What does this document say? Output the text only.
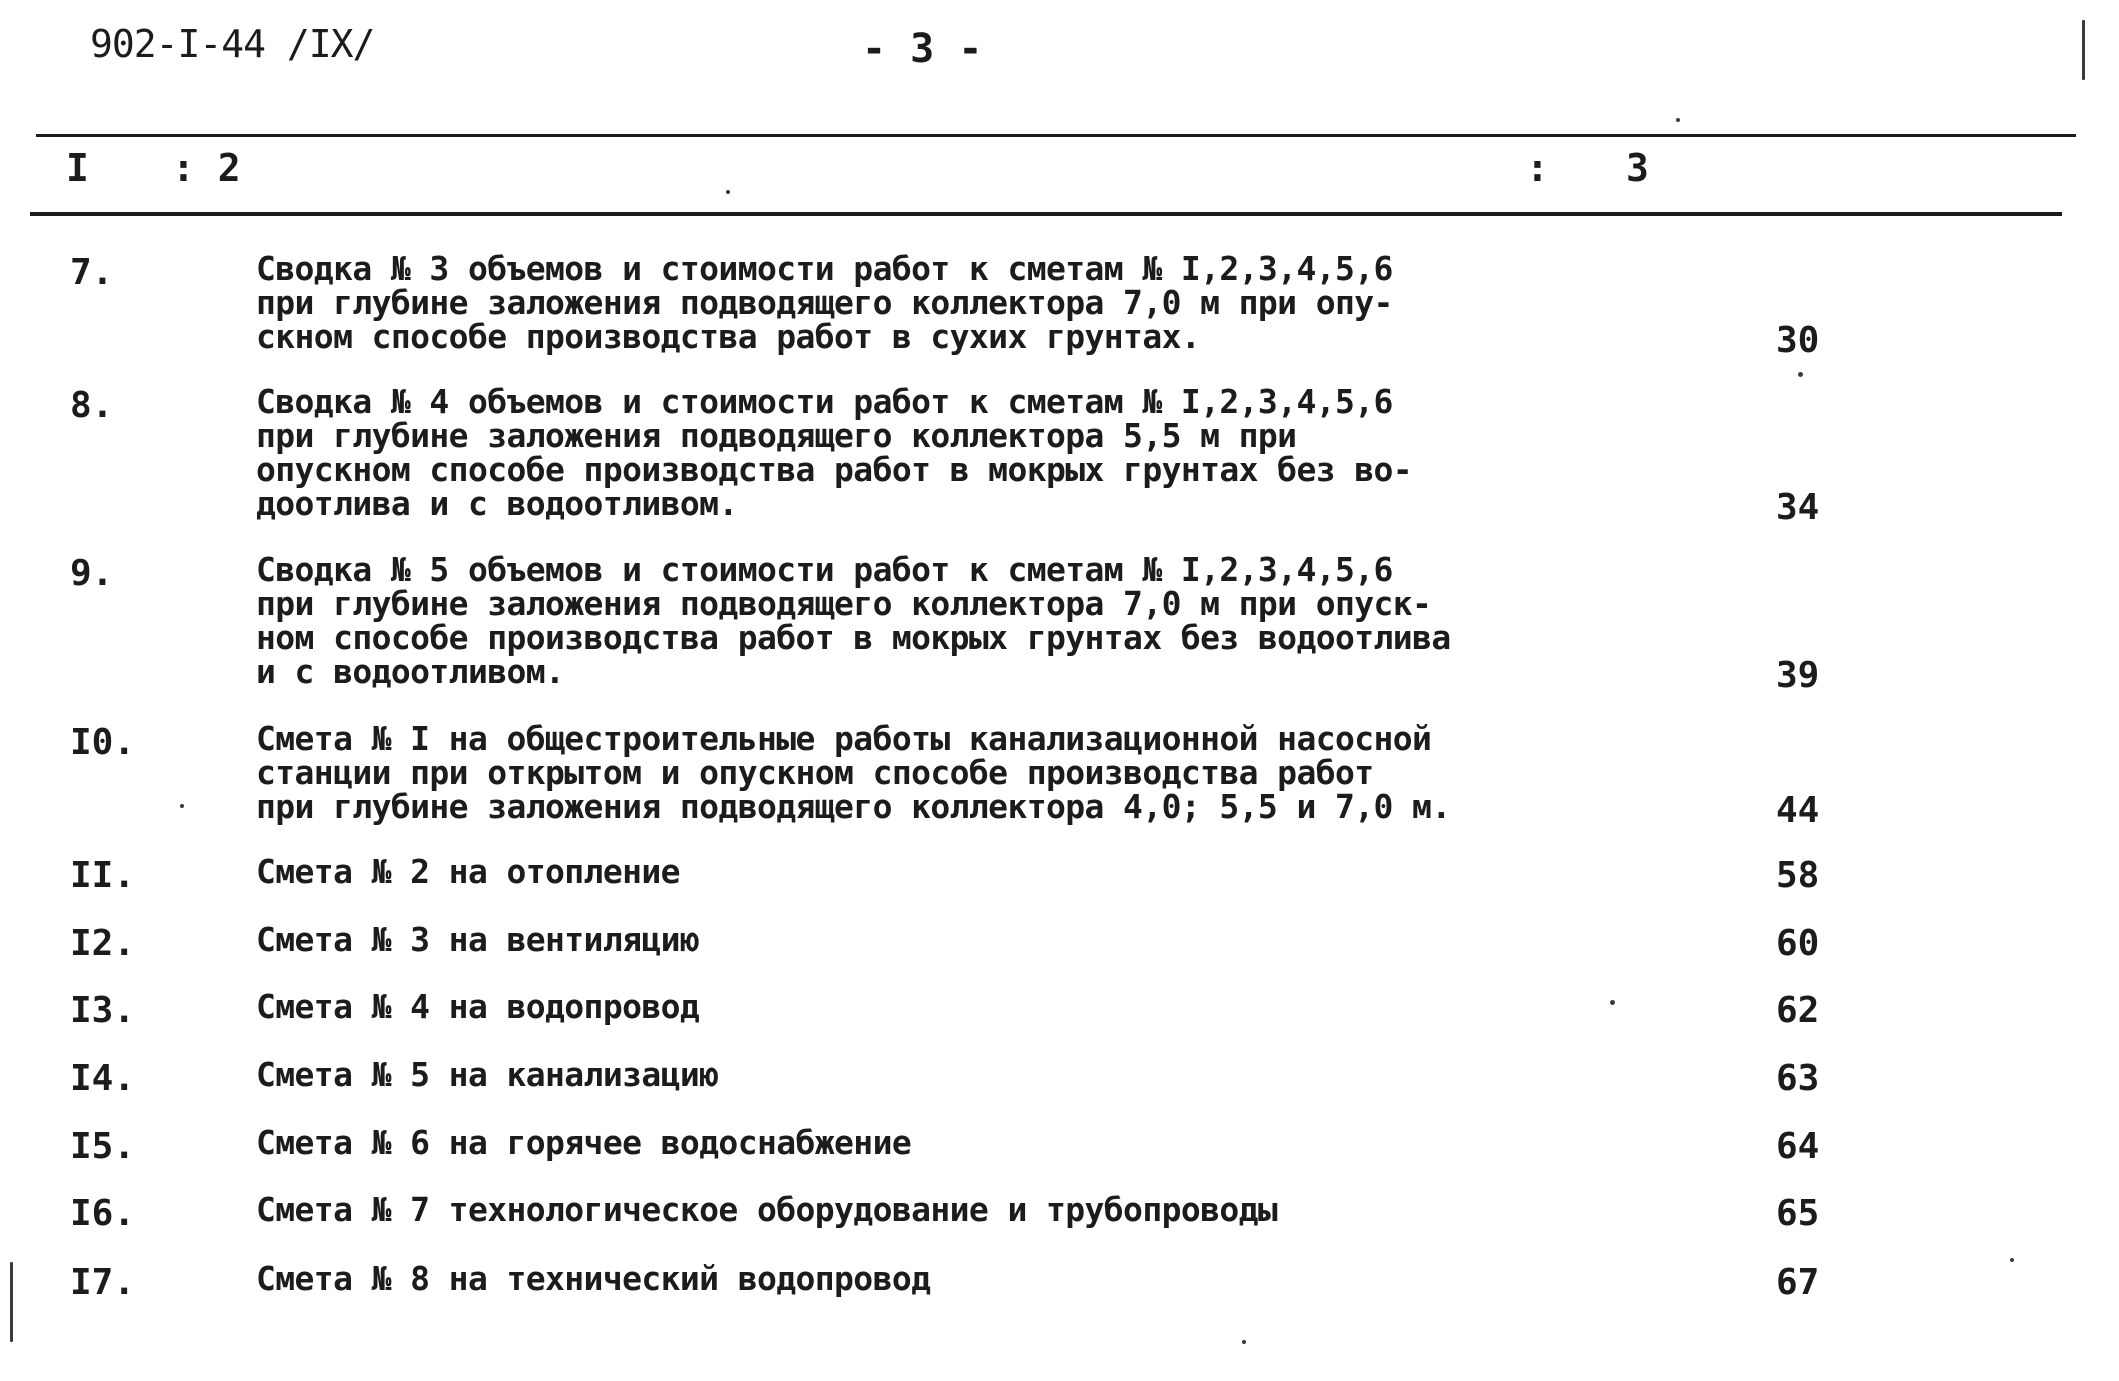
902-I-44 /IX/	- 3 -
I : 2	: 3
7.	Сводка № 3 объемов и стоимости работ к сметам № I,2,3,4,5,6
при глубине заложения подводящего коллектора 7,0 м при опу-
скном способе производства работ в сухих грунтах.	30
8.	Сводка № 4 объемов и стоимости работ к сметам № I,2,3,4,5,6
при глубине заложения подводящего коллектора 5,5 м при
опускном способе производства работ в мокрых грунтах без во-
доотлива и с водоотливом.	34
9.	Сводка № 5 объемов и стоимости работ к сметам № I,2,3,4,5,6
при глубине заложения подводящего коллектора 7,0 м при опуск-
ном способе производства работ в мокрых грунтах без водоотлива
и с водоотливом.	39
I0.	Смета № I на общестроительные работы канализационной насосной
станции при открытом и опускном способе производства работ
при глубине заложения подводящего коллектора 4,0; 5,5 и 7,0 м.	44
II.	Смета № 2 на отопление	58
I2.	Смета № 3 на вентиляцию	60
I3.	Смета № 4 на водопровод	62
I4.	Смета № 5 на канализацию	63
I5.	Смета № 6 на горячее водоснабжение	64
I6.	Смета № 7 технологическое оборудование и трубопроводы	65
I7.	Смета № 8 на технический водопровод	67
